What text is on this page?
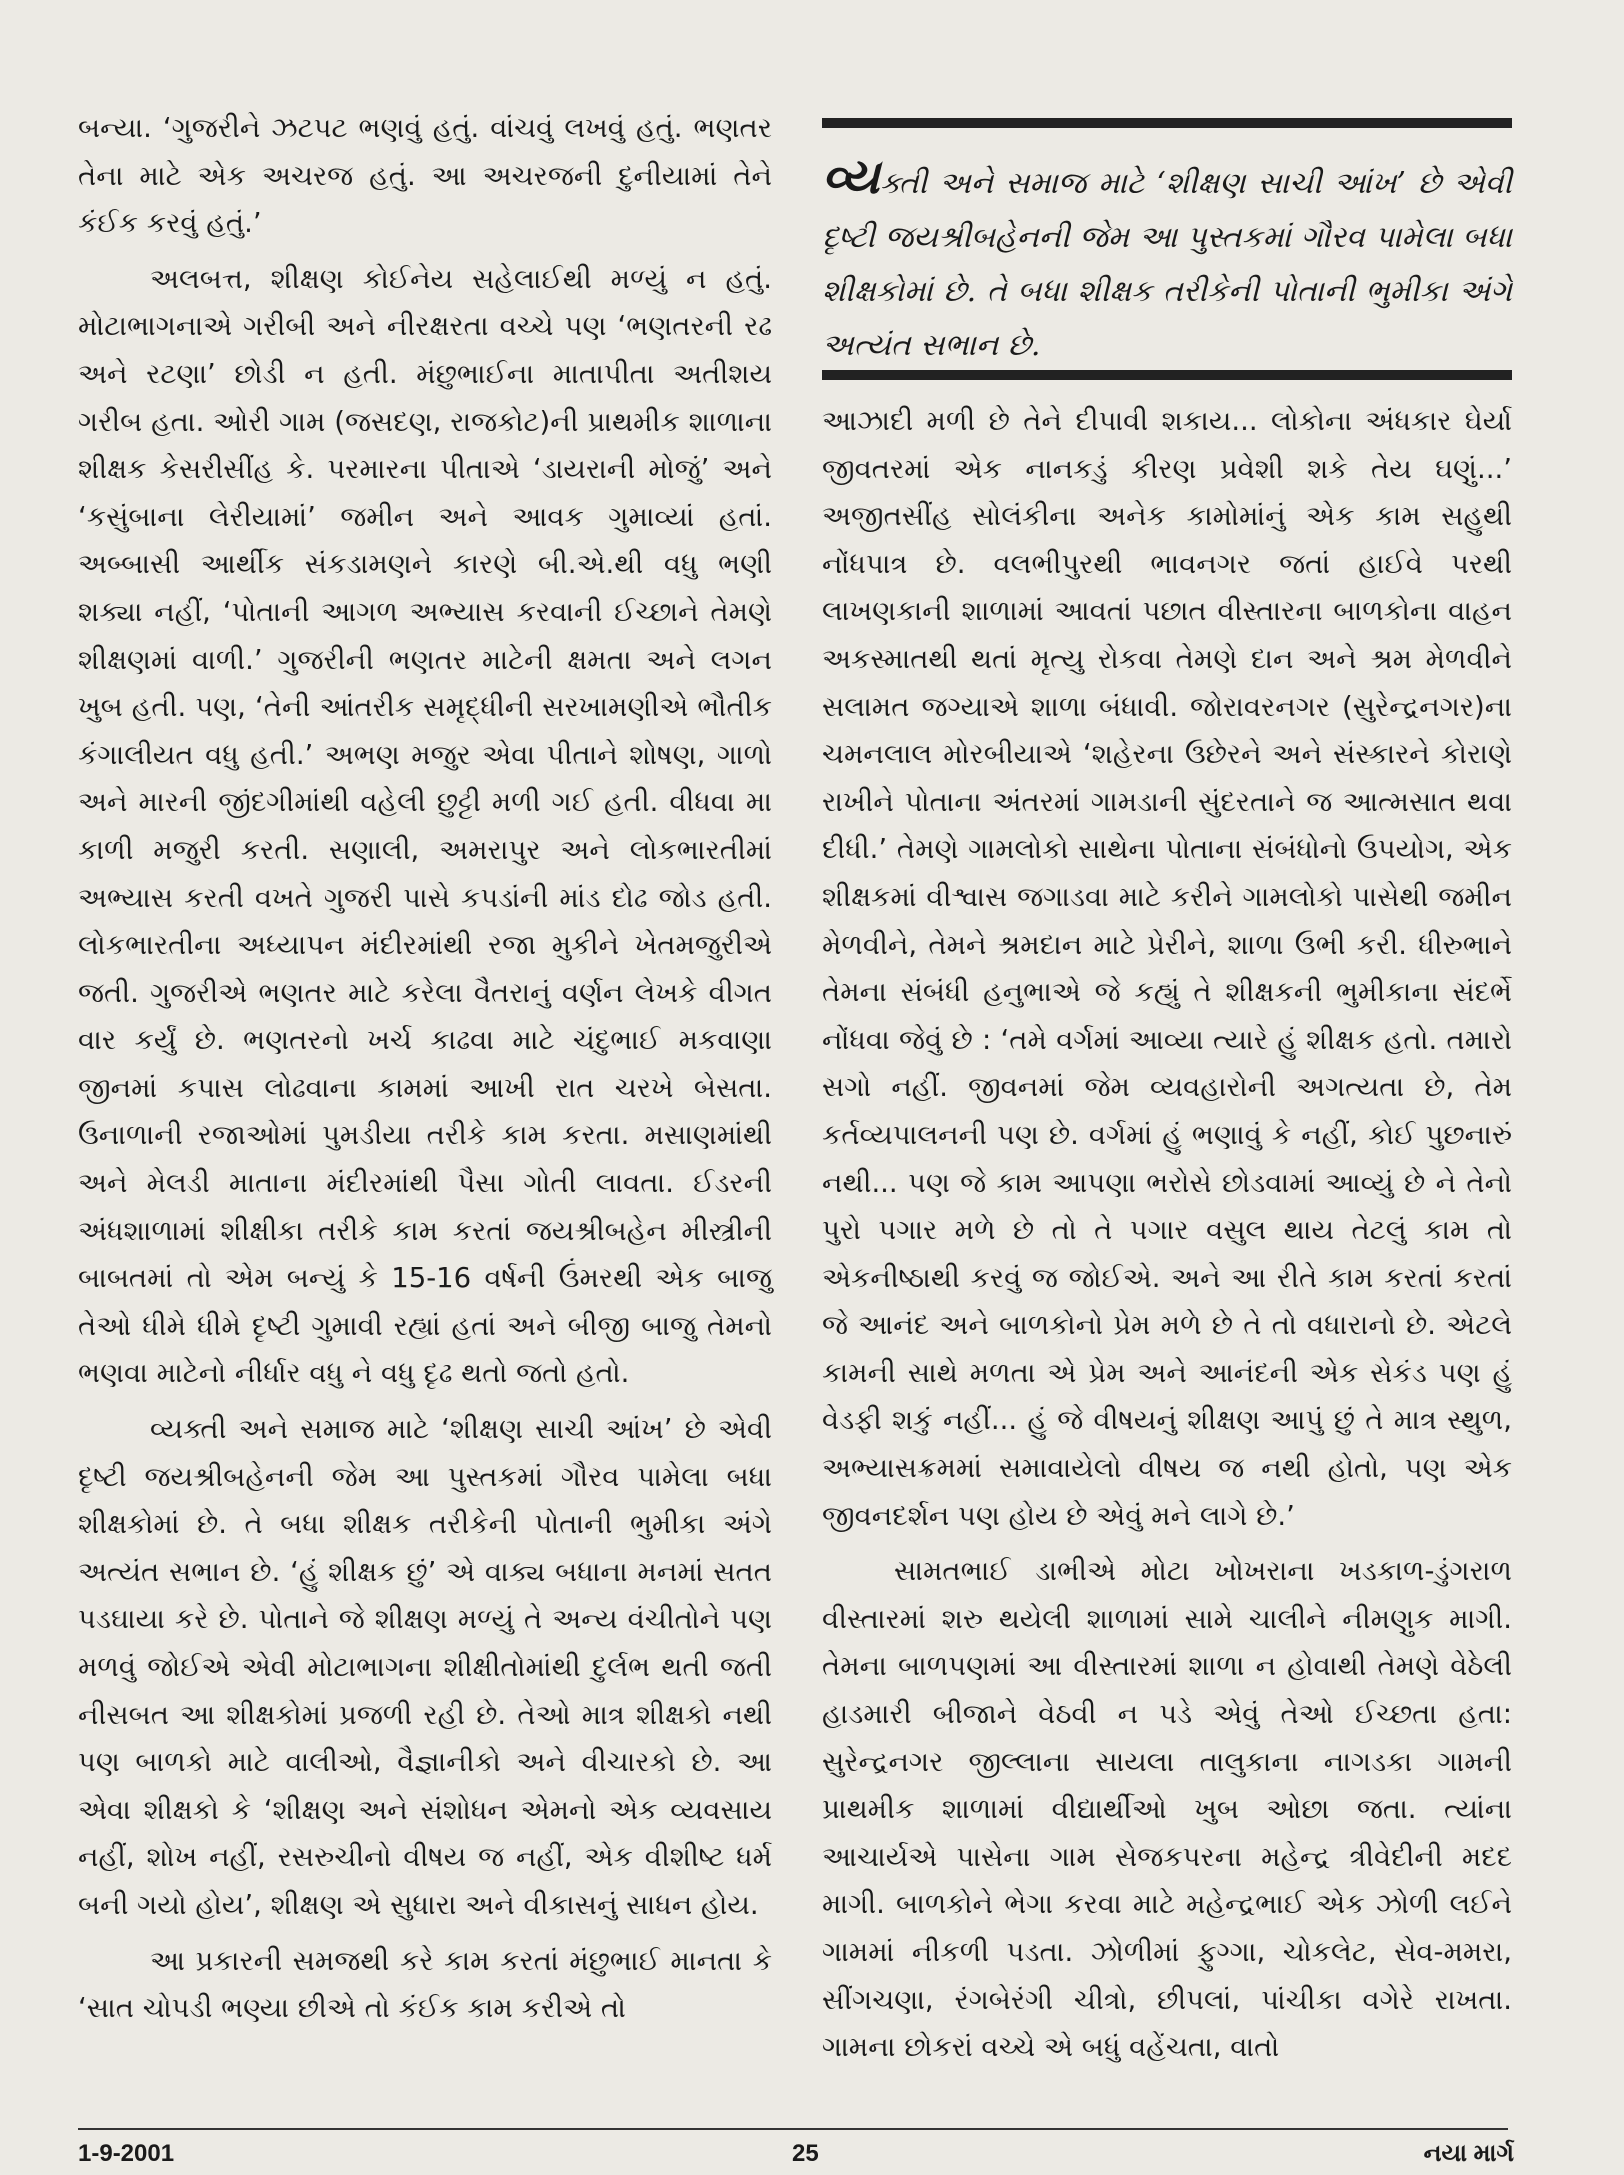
બન્યા. ‘ગુજરીને ઝટપટ ભણવું હતું. વાંચવું લખવું હતું. ભણતર તેના માટે એક અચરજ હતું. આ અચરજની દુનીયામાં તેને કંઈક કરવું હતું.’

અલબત્ત, શીક્ષણ કોઈનેય સહેલાઈથી મળ્યું ન હતું. મોટાભાગનાએ ગરીબી અને નીરક્ષરતા વચ્ચે પણ ‘ભણતરની રઢ અને રટણા’ છોડી ન હતી. મંછુભાઈના માતાપીતા અતીશય ગરીબ હતા. ઓરી ગામ (જસદણ, રાજકોટ)ની પ્રાથમીક શાળાના શીક્ષક કેસરીસીંહ કે. પરમારના પીતાએ ‘ડાયરાની મોજું’ અને ‘કસુંબાના લેરીયામાં’ જમીન અને આવક ગુમાવ્યાં હતાં. અબ્બાસી આર્થીક સંકડામણને કારણે બી.એ.થી વધુ ભણી શક્યા નહીં, ‘પોતાની આગળ અભ્યાસ કરવાની ઈચ્છાને તેમણે શીક્ષણમાં વાળી.’ ગુજરીની ભણતર માટેની ક્ષમતા અને લગન ખુબ હતી. પણ, ‘તેની આંતરીક સમૃદ્ધીની સરખામણીએ ભૌતીક કંગાલીયત વધુ હતી.’ અભણ મજુર એવા પીતાને શોષણ, ગાળો અને મારની જીંદગીમાંથી વહેલી છુટ્ટી મળી ગઈ હતી. વીધવા મા કાળી મજુરી કરતી. સણાલી, અમરાપુર અને લોકભારતીમાં અભ્યાસ કરતી વખતે ગુજરી પાસે કપડાંની માંડ દોઢ જોડ હતી. લોકભારતીના અધ્યાપન મંદીરમાંથી રજા મુકીને ખેતમજુરીએ જતી. ગુજરીએ ભણતર માટે કરેલા વૈતરાનું વર્ણન લેખકે વીગત વાર કર્યું છે. ભણતરનો ખર્ચ કાઢવા માટે ચંદુભાઈ મકવાણા જીનમાં કપાસ લોઢવાના કામમાં આખી રાત ચરખે બેસતા. ઉનાળાની રજાઓમાં પુમડીયા તરીકે કામ કરતા. મસાણમાંથી અને મેલડી માતાના મંદીરમાંથી પૈસા ગોતી લાવતા. ઈડરની અંધશાળામાં શીક્ષીકા તરીકે કામ કરતાં જયશ્રીબહેન મીસ્ત્રીની બાબતમાં તો એમ બન્યું કે 15-16 વર્ષની ઉંમરથી એક બાજુ તેઓ ધીમે ધીમે દૃષ્ટી ગુમાવી રહ્યાં હતાં અને બીજી બાજુ તેમનો ભણવા માટેનો નીર્ધાર વધુ ને વધુ દૃઢ થતો જતો હતો.

વ્યક્તી અને સમાજ માટે ‘શીક્ષણ સાચી આંખ’ છે એવી દૃષ્ટી જયશ્રીબહેનની જેમ આ પુસ્તકમાં ગૌરવ પામેલા બધા શીક્ષકોમાં છે. તે બધા શીક્ષક તરીકેની પોતાની ભુમીકા અંગે અત્યંત સભાન છે. ‘હું શીક્ષક છું’ એ વાક્ય બધાના મનમાં સતત પડઘાયા કરે છે. પોતાને જે શીક્ષણ મળ્યું તે અન્ય વંચીતોને પણ મળવું જોઈએ એવી મોટાભાગના શીક્ષીતોમાંથી દુર્લભ થતી જતી નીસબત આ શીક્ષકોમાં પ્રજળી રહી છે. તેઓ માત્ર શીક્ષકો નથી પણ બાળકો માટે વાલીઓ, વૈજ્ઞાનીકો અને વીચારકો છે. આ એવા શીક્ષકો કે ‘શીક્ષણ અને સંશોધન એમનો એક વ્યવસાય નહીં, શોખ નહીં, રસરુચીનો વીષય જ નહીં, એક વીશીષ્ટ ધર્મ બની ગયો હોય’, શીક્ષણ એ સુધારા અને વીકાસનું સાધન હોય.

આ પ્રકારની સમજથી કરે કામ કરતાં મંછુભાઈ માનતા કે ‘સાત ચોપડી ભણ્યા છીએ તો કંઈક કામ કરીએ તો

વ્યક્તી અને સમાજ માટે ‘શીક્ષણ સાચી આંખ’ છે એવી દૃષ્ટી જયશ્રીબહેનની જેમ આ પુસ્તકમાં ગૌરવ પામેલા બધા શીક્ષકોમાં છે. તે બધા શીક્ષક તરીકેની પોતાની ભુમીકા અંગે અત્યંત સભાન છે.

આઝાદી મળી છે તેને દીપાવી શકાય... લોકોના અંધકાર ઘેર્યા જીવતરમાં એક નાનકડું કીરણ પ્રવેશી શકે તેય ઘણું...’ અજીતસીંહ સોલંકીના અનેક કામોમાંનું એક કામ સહુથી નોંધપાત્ર છે. વલભીપુરથી ભાવનગર જતાં હાઈવે પરથી લાખણકાની શાળામાં આવતાં પછાત વીસ્તારના બાળકોના વાહન અકસ્માતથી થતાં મૃત્યુ રોકવા તેમણે દાન અને શ્રમ મેળવીને સલામત જગ્યાએ શાળા બંધાવી. જોરાવરનગર (સુરેન્દ્રનગર)ના ચમનલાલ મોરબીયાએ ‘શહેરના ઉછેરને અને સંસ્કારને કોરાણે રાખીને પોતાના અંતરમાં ગામડાની સુંદરતાને જ આત્મસાત થવા દીધી.’ તેમણે ગામલોકો સાથેના પોતાના સંબંધોનો ઉપયોગ, એક શીક્ષકમાં વીશ્વાસ જગાડવા માટે કરીને ગામલોકો પાસેથી જમીન મેળવીને, તેમને શ્રમદાન માટે પ્રેરીને, શાળા ઉભી કરી. ધીરુભાને તેમના સંબંધી હનુભાએ જે કહ્યું તે શીક્ષકની ભુમીકાના સંદર્ભે નોંધવા જેવું છે : ‘તમે વર્ગમાં આવ્યા ત્યારે હું શીક્ષક હતો. તમારો સગો નહીં. જીવનમાં જેમ વ્યવહારોની અગત્યતા છે, તેમ કર્તવ્યપાલનની પણ છે. વર્ગમાં હું ભણાવું કે નહીં, કોઈ પુછનારું નથી... પણ જે કામ આપણા ભરોસે છોડવામાં આવ્યું છે ને તેનો પુરો પગાર મળે છે તો તે પગાર વસુલ થાય તેટલું કામ તો એકનીષ્ઠાથી કરવું જ જોઈએ. અને આ રીતે કામ કરતાં કરતાં જે આનંદ અને બાળકોનો પ્રેમ મળે છે તે તો વધારાનો છે. એટલે કામની સાથે મળતા એ પ્રેમ અને આનંદની એક સેકંડ પણ હું વેડફી શકું નહીં... હું જે વીષયનું શીક્ષણ આપું છું તે માત્ર સ્થુળ, અભ્યાસક્રમમાં સમાવાયેલો વીષય જ નથી હોતો, પણ એક જીવનદર્શન પણ હોય છે એવું મને લાગે છે.’

સામતભાઈ ડાભીએ મોટા ખોખરાના ખડકાળ-ડુંગરાળ વીસ્તારમાં શરુ થયેલી શાળામાં સામે ચાલીને નીમણુક માગી. તેમના બાળપણમાં આ વીસ્તારમાં શાળા ન હોવાથી તેમણે વેઠેલી હાડમારી બીજાને વેઠવી ન પડે એવું તેઓ ઈચ્છતા હતા: સુરેન્દ્રનગર જીલ્લાના સાયલા તાલુકાના નાગડકા ગામની પ્રાથમીક શાળામાં વીદ્યાર્થીઓ ખુબ ઓછા જતા. ત્યાંના આચાર્યએ પાસેના ગામ સેજકપરના મહેન્દ્ર ત્રીવેદીની મદદ માગી. બાળકોને ભેગા કરવા માટે મહેન્દ્રભાઈ એક ઝોળી લઈને ગામમાં નીકળી પડતા. ઝોળીમાં ફુગ્ગા, ચોકલેટ, સેવ-મમરા, સીંગચણા, રંગબેરંગી ચીત્રો, છીપલાં, પાંચીકા વગેરે રાખતા. ગામના છોકરાં વચ્ચે એ બધું વહેંચતા, વાતો

1-9-2001	25	નયા માર્ગ
